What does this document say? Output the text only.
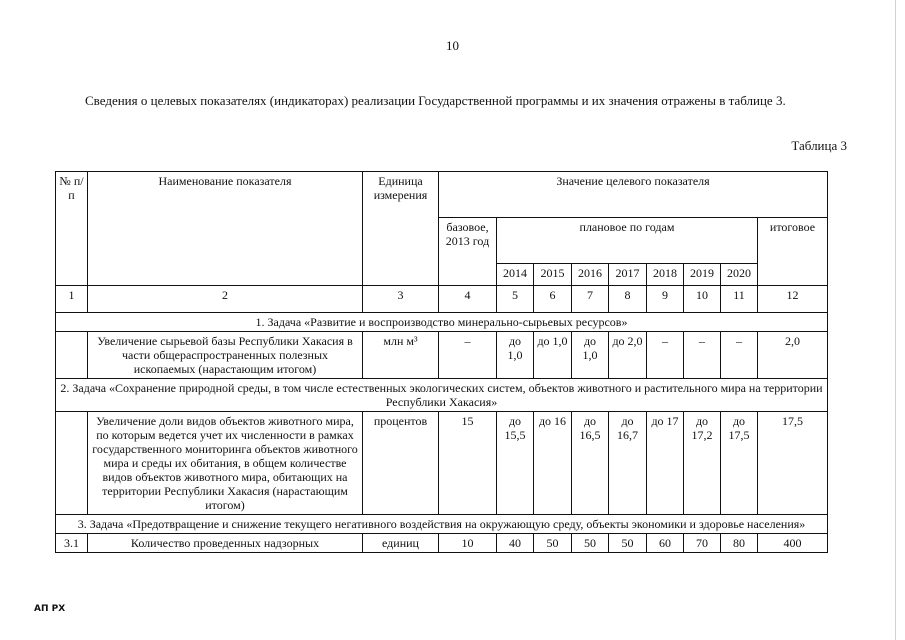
10
Сведения о целевых показателях (индикаторах) реализации Государственной программы и их значения отражены в таблице 3.
Таблица 3
№ п/п	Наименование показателя	Единица измерения	Значение целевого показателя								
			базовое, 2013 год	плановое по годам							итоговое
				2014	2015	2016	2017	2018	2019	2020	
1	2	3	4	5	6	7	8	9	10	11	12
1. Задача «Развитие и воспроизводство минерально-сырьевых ресурсов»											
	Увеличение сырьевой базы Республики Хакасия в части общераспространенных полезных ископаемых (нарастающим итогом)	млн м³	–	до 1,0	до 1,0	до 1,0	до 2,0	–	–	–	2,0
2. Задача «Сохранение природной среды, в том числе естественных экологических систем, объектов животного и растительного мира на территории Республики Хакасия»											
	Увеличение доли видов объектов животного мира, по которым ведется учет их численности в рамках государственного мониторинга объектов животного мира и среды их обитания, в общем количестве видов объектов животного мира, обитающих на территории Республики Хакасия (нарастающим итогом)	процентов	15	до 15,5	до 16	до 16,5	до 16,7	до 17	до 17,2	до 17,5	17,5
3. Задача «Предотвращение и снижение текущего негативного воздействия на окружающую среду, объекты экономики и здоровье населения»											
3.1	Количество проведенных надзорных	единиц	10	40	50	50	50	60	70	80	400
АП РХ
